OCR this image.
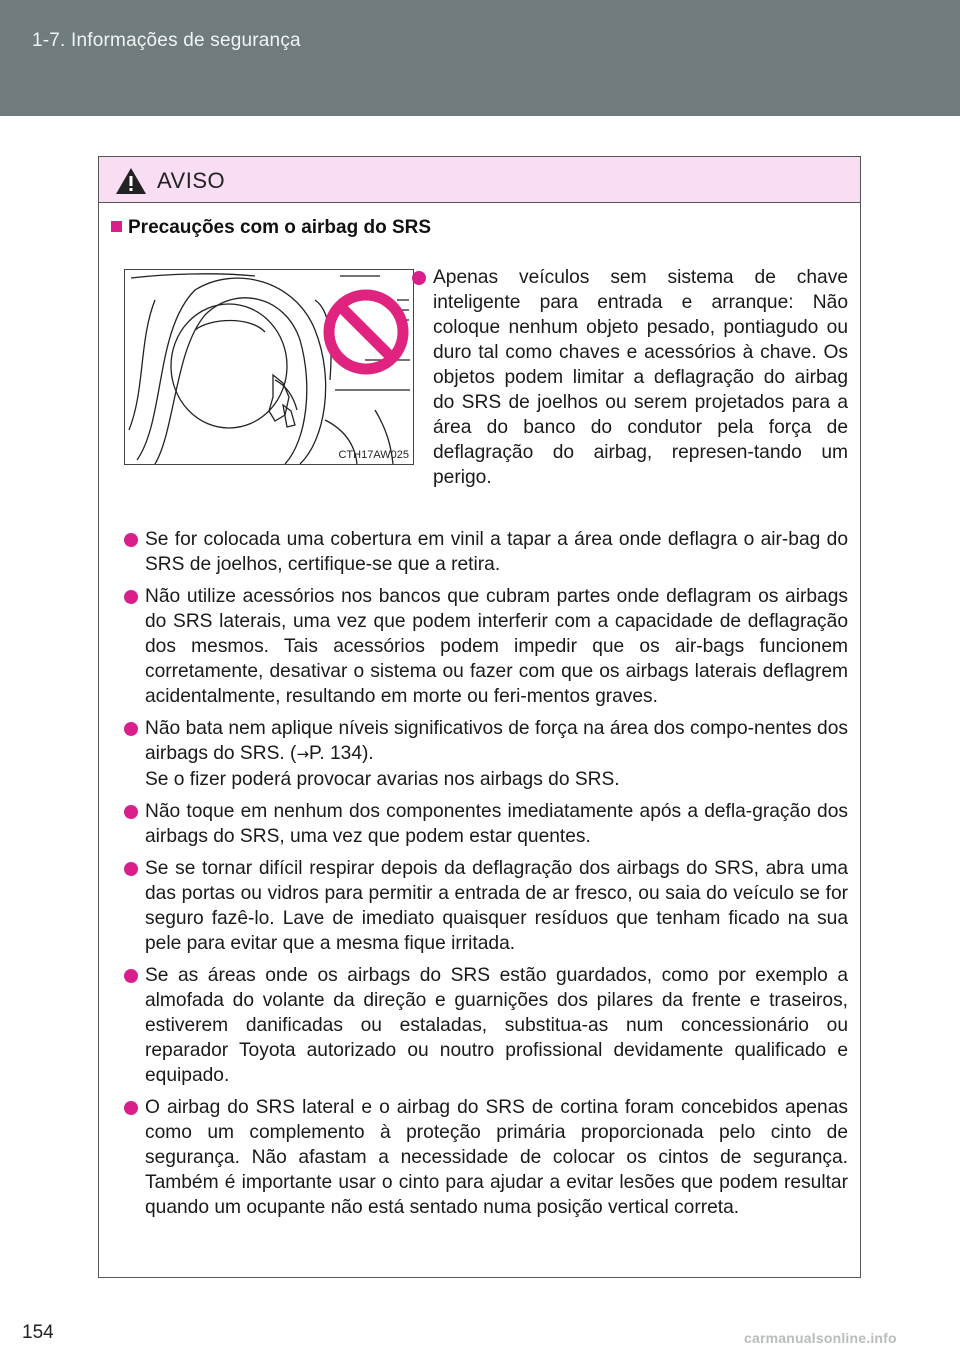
1-7. Informações de segurança
AVISO
Precauções com o airbag do SRS
CTH17AW025
Apenas veículos sem sistema de chave inteligente para entrada e arranque: Não coloque nenhum objeto pesado, pontiagudo ou duro tal como chaves e acessórios à chave. Os objetos podem limitar a deflagração do airbag do SRS de joelhos ou serem projetados para a área do banco do condutor pela força de deflagração do airbag, represen-tando um perigo.
Se for colocada uma cobertura em vinil a tapar a área onde deflagra o air-bag do SRS de joelhos, certifique-se que a retira.
Não utilize acessórios nos bancos que cubram partes onde deflagram os airbags do SRS laterais, uma vez que podem interferir com a capacidade de deflagração dos mesmos. Tais acessórios podem impedir que os air-bags funcionem corretamente, desativar o sistema ou fazer com que os airbags laterais deflagrem acidentalmente, resultando em morte ou feri-mentos graves.
Não bata nem aplique níveis significativos de força na área dos compo-nentes dos airbags do SRS. (→P. 134).
Se o fizer poderá provocar avarias nos airbags do SRS.
Não toque em nenhum dos componentes imediatamente após a defla-gração dos airbags do SRS, uma vez que podem estar quentes.
Se se tornar difícil respirar depois da deflagração dos airbags do SRS, abra uma das portas ou vidros para permitir a entrada de ar fresco, ou saia do veículo se for seguro fazê-lo. Lave de imediato quaisquer resíduos que tenham ficado na sua pele para evitar que a mesma fique irritada.
Se as áreas onde os airbags do SRS estão guardados, como por exemplo a almofada do volante da direção e guarnições dos pilares da frente e traseiros, estiverem danificadas ou estaladas, substitua-as num concessionário ou reparador Toyota autorizado ou noutro profissional devidamente qualificado e equipado.
O airbag do SRS lateral e o airbag do SRS de cortina foram concebidos apenas como um complemento à proteção primária proporcionada pelo cinto de segurança. Não afastam a necessidade de colocar os cintos de segurança. Também é importante usar o cinto para ajudar a evitar lesões que podem resultar quando um ocupante não está sentado numa posição vertical correta.
154	carmanualsonline.info
